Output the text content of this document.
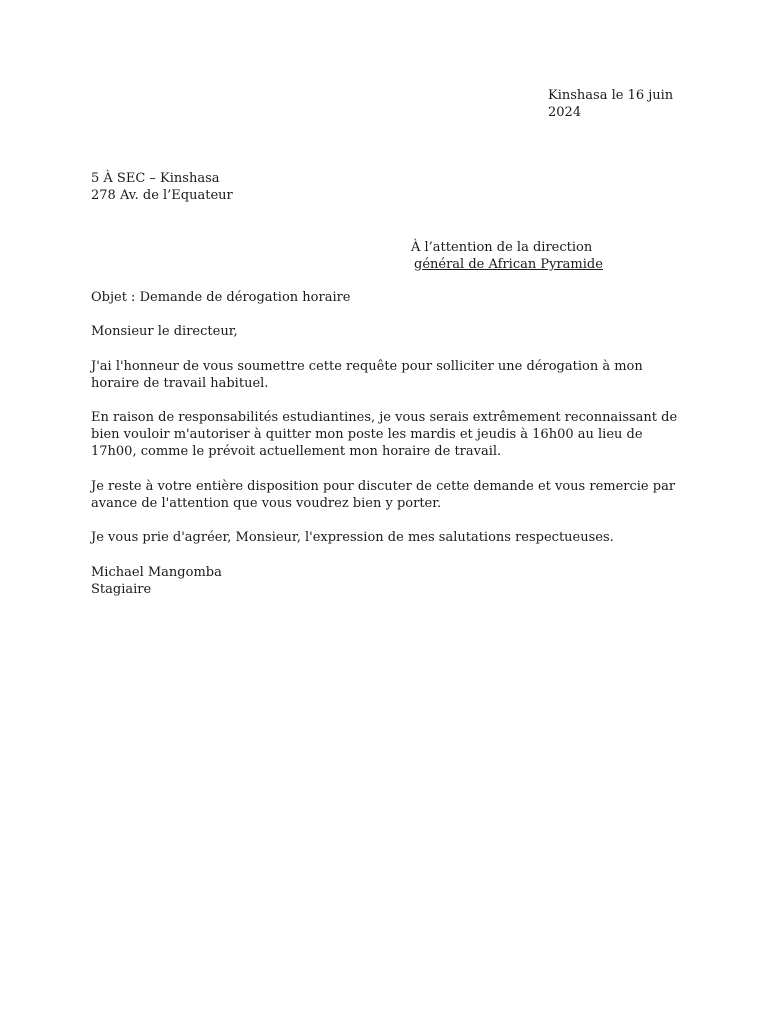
Kinshasa le 16 juin
2024
5 À SEC – Kinshasa
278 Av. de l’Equateur
À l’attention de la direction
général de African Pyramide
Objet : Demande de dérogation horaire
Monsieur le directeur,
J'ai l'honneur de vous soumettre cette requête pour solliciter une dérogation à mon
horaire de travail habituel.
En raison de responsabilités estudiantines, je vous serais extrêmement reconnaissant de
bien vouloir m'autoriser à quitter mon poste les mardis et jeudis à 16h00 au lieu de
17h00, comme le prévoit actuellement mon horaire de travail.
Je reste à votre entière disposition pour discuter de cette demande et vous remercie par
avance de l'attention que vous voudrez bien y porter.
Je vous prie d'agréer, Monsieur, l'expression de mes salutations respectueuses.
Michael Mangomba
Stagiaire
